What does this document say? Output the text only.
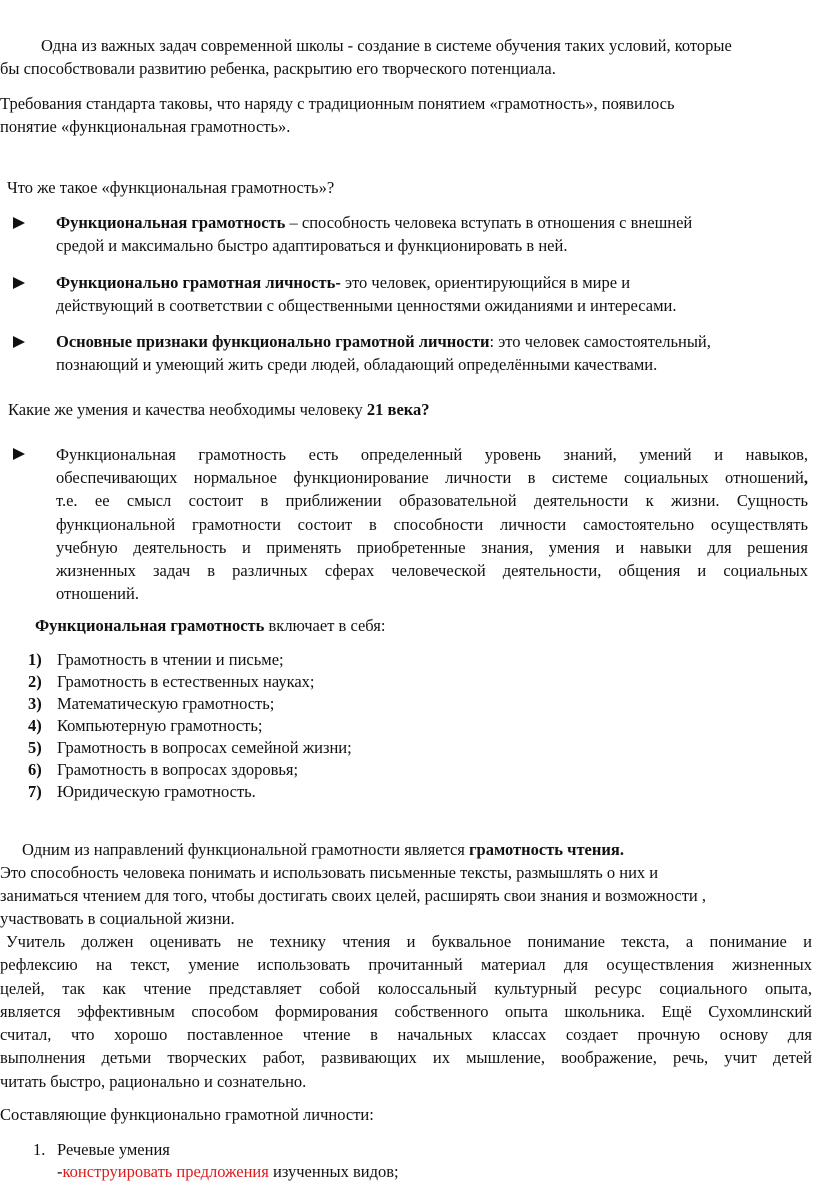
Одна из важных задач современной школы - создание в системе обучения таких условий, которые
бы способствовали развитию ребенка, раскрытию его творческого потенциала.
Требования стандарта таковы, что наряду с традиционным понятием «грамотность», появилось
понятие «функциональная грамотность».
Что же такое «функциональная грамотность»?
Функциональная грамотность – способность человека вступать в отношения с внешней
средой и максимально быстро адаптироваться и функционировать в ней.
Функционально грамотная личность- это человек, ориентирующийся в мире и
действующий в соответствии с общественными ценностями ожиданиями и интересами.
Основные признаки функционально грамотной личности: это человек самостоятельный,
познающий и умеющий жить среди людей, обладающий определёнными качествами.
Какие же умения и качества необходимы человеку 21 века?
Функциональная грамотность есть определенный уровень знаний, умений и навыков,
обеспечивающих нормальное функционирование личности в системе социальных отношений,
т.е. ее смысл состоит в приближении образовательной деятельности к жизни. Сущность
функциональной грамотности состоит в способности личности самостоятельно осуществлять
учебную деятельность и применять приобретенные знания, умения и навыки для решения
жизненных задач в различных сферах человеческой деятельности, общения и социальных
отношений.
Функциональная грамотность включает в себя:
1) Грамотность в чтении и письме;
2) Грамотность в естественных науках;
3) Математическую грамотность;
4) Компьютерную грамотность;
5) Грамотность в вопросах семейной жизни;
6) Грамотность в вопросах здоровья;
7) Юридическую грамотность.
Одним из направлений функциональной грамотности является грамотность чтения.
Это способность человека понимать и использовать письменные тексты, размышлять о них и
заниматься чтением для того, чтобы достигать своих целей, расширять свои знания и возможности ,
участвовать в социальной жизни.
Учитель должен оценивать не технику чтения и буквальное понимание текста, а понимание и
рефлексию на текст, умение использовать прочитанный материал для осуществления жизненных
целей, так как чтение представляет собой колоссальный культурный ресурс социального опыта,
является эффективным способом формирования собственного опыта школьника. Ещё Сухомлинский
считал, что хорошо поставленное чтение в начальных классах создает прочную основу для
выполнения детьми творческих работ, развивающих их мышление, воображение, речь, учит детей
читать быстро, рационально и сознательно.
Составляющие функционально грамотной личности:
1. Речевые умения
-конструировать предложения изученных видов;
